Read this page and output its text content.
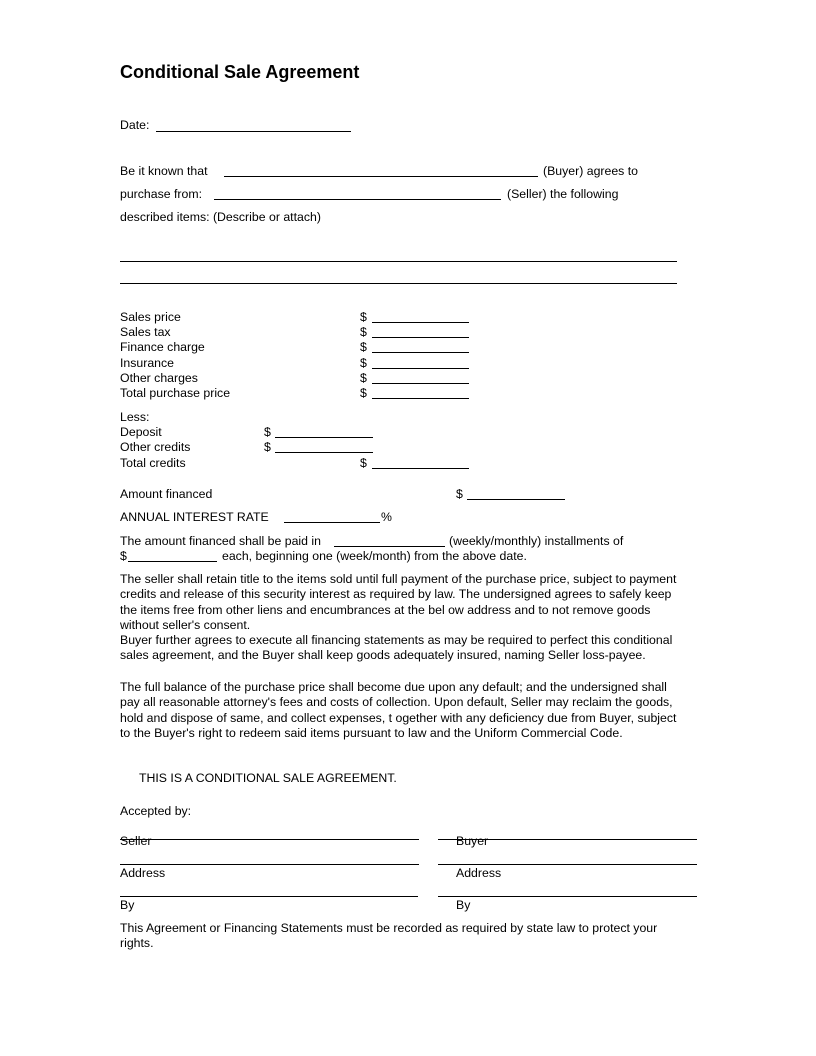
Conditional Sale Agreement
Date:
Be it known that	(Buyer) agrees to
purchase from:	(Seller) the following
described items: (Describe or attach)
Sales price	$
Sales tax	$
Finance charge	$
Insurance	$
Other charges	$
Total purchase price	$
Less:
Deposit	$
Other credits	$
Total credits	$
Amount financed	$
ANNUAL INTEREST RATE	%
The amount financed shall be paid in	(weekly/monthly) installments of
$	each, beginning one (week/month) from the above date.
The seller shall retain title to the items sold until full payment of the purchase price, subject to payment credits and release of this security interest as required by law. The undersigned agrees to safely keep the items free from other liens and encumbrances at the bel ow address and to not remove goods without seller's consent.
Buyer further agrees to execute all financing statements as may be required to perfect this conditional sales agreement, and the Buyer shall keep goods adequately insured, naming Seller loss-payee.
The full balance of the purchase price shall become due upon any default; and the undersigned shall pay all reasonable attorney's fees and costs of collection. Upon default, Seller may reclaim the goods, hold and dispose of same, and collect expenses, t ogether with any deficiency due from Buyer, subject to the Buyer's right to redeem said items pursuant to law and the Uniform Commercial Code.
THIS IS A CONDITIONAL SALE AGREEMENT.
Accepted by:
Seller	Buyer
Address	Address
By	By
This Agreement or Financing Statements must be recorded as required by state law to protect your rights.
